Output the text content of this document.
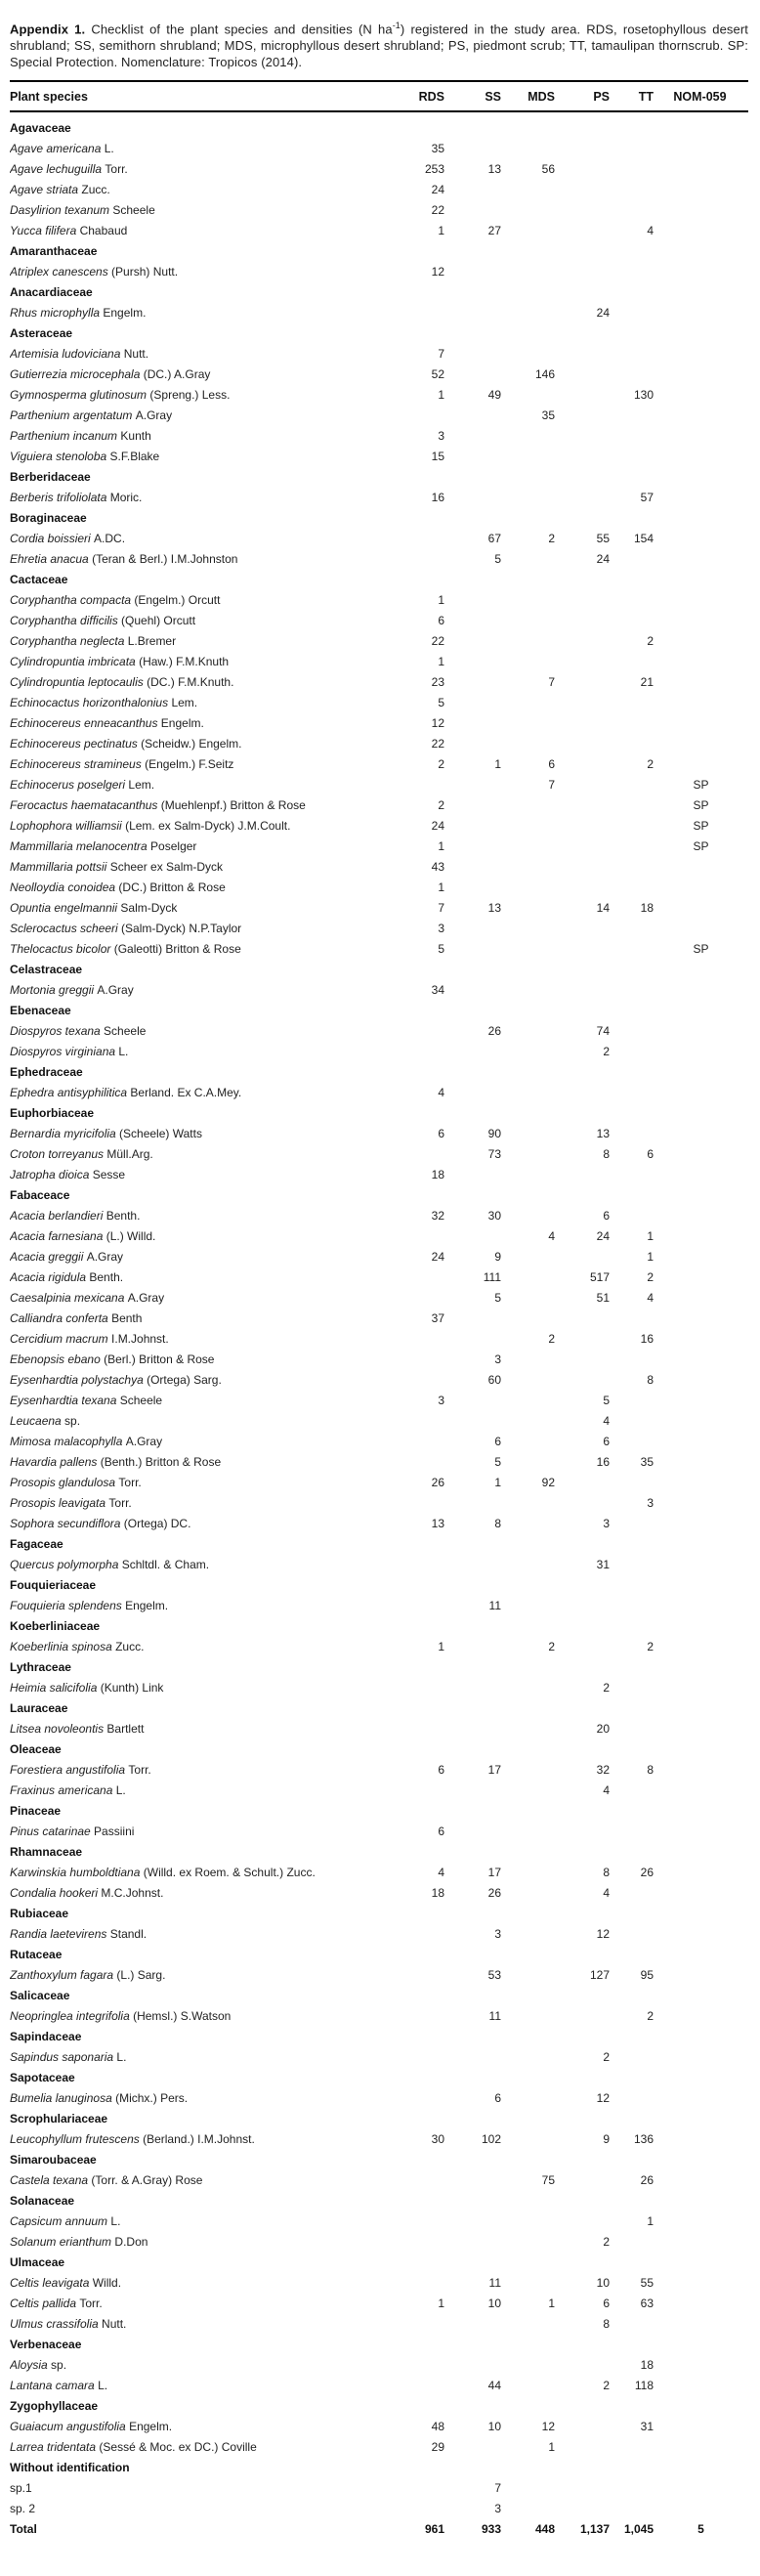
Appendix 1. Checklist of the plant species and densities (N $ha^{-1}$) registered in the study area. RDS, rosetophyllous desert shrubland; SS, semithorn shrubland; MDS, microphyllous desert shrubland; PS, piedmont scrub; TT, tamaulipan thornscrub. SP: Special Protection. Nomenclature: Tropicos (2014).

Plant species	RDS	SS	MDS	PS	TT	NOM-059
Agavaceae						
Agave americana L.	35					
Agave lechuguilla Torr.	253	13	56			
Agave striata Zucc.	24					
Dasylirion texanum Scheele	22					
Yucca filifera Chabaud	1	27			4	
Amaranthaceae						
Atriplex canescens (Pursh) Nutt.	12					
Anacardiaceae						
Rhus microphylla Engelm.				24		
Asteraceae						
Artemisia ludoviciana Nutt.	7					
Gutierrezia microcephala (DC.) A.Gray	52		146			
Gymnosperma glutinosum (Spreng.) Less.	1	49			130	
Parthenium argentatum A.Gray			35			
Parthenium incanum Kunth	3					
Viguiera stenoloba S.F.Blake	15					
Berberidaceae						
Berberis trifoliolata Moric.	16				57	
Boraginaceae						
Cordia boissieri A.DC.		67	2	55	154	
Ehretia anacua (Teran & Berl.) I.M.Johnston		5		24		
Cactaceae						
Coryphantha compacta (Engelm.) Orcutt	1					
Coryphantha difficilis (Quehl) Orcutt	6					
Coryphantha neglecta L.Bremer	22				2	
Cylindropuntia imbricata (Haw.) F.M.Knuth	1					
Cylindropuntia leptocaulis (DC.) F.M.Knuth.	23		7		21	
Echinocactus horizonthalonius Lem.	5					
Echinocereus enneacanthus Engelm.	12					
Echinocereus pectinatus (Scheidw.) Engelm.	22					
Echinocereus stramineus (Engelm.) F.Seitz	2	1	6		2	
Echinocerus poselgeri Lem.			7			SP
Ferocactus haematacanthus (Muehlenpf.) Britton & Rose	2					SP
Lophophora williamsii (Lem. ex Salm-Dyck) J.M.Coult.	24					SP
Mammillaria melanocentra Poselger	1					SP
Mammillaria pottsii Scheer ex Salm-Dyck	43					
Neolloydia conoidea (DC.) Britton & Rose	1					
Opuntia engelmannii Salm-Dyck	7	13		14	18	
Sclerocactus scheeri (Salm-Dyck) N.P.Taylor	3					
Thelocactus bicolor (Galeotti) Britton & Rose	5					SP
Celastraceae						
Mortonia greggii A.Gray	34					
Ebenaceae						
Diospyros texana Scheele		26		74		
Diospyros virginiana L.				2		
Ephedraceae						
Ephedra antisyphilitica Berland. Ex C.A.Mey.	4					
Euphorbiaceae						
Bernardia myricifolia (Scheele) Watts	6	90		13		
Croton torreyanus Müll.Arg.		73		8	6	
Jatropha dioica Sesse	18					
Fabaceace						
Acacia berlandieri Benth.	32	30		6		
Acacia farnesiana (L.) Willd.			4	24	1	
Acacia greggii A.Gray	24	9			1	
Acacia rigidula Benth.		111		517	2	
Caesalpinia mexicana A.Gray		5		51	4	
Calliandra conferta Benth	37					
Cercidium macrum I.M.Johnst.			2		16	
Ebenopsis ebano (Berl.) Britton & Rose		3				
Eysenhardtia polystachya (Ortega) Sarg.		60			8	
Eysenhardtia texana Scheele	3			5		
Leucaena sp.				4		
Mimosa malacophylla A.Gray		6		6		
Havardia pallens (Benth.) Britton & Rose		5		16	35	
Prosopis glandulosa Torr.	26	1	92			
Prosopis leavigata Torr.					3	
Sophora secundiflora (Ortega) DC.	13	8		3		
Fagaceae						
Quercus polymorpha Schltdl. & Cham.				31		
Fouquieriaceae						
Fouquieria splendens Engelm.		11				
Koeberliniaceae						
Koeberlinia spinosa Zucc.	1		2		2	
Lythraceae						
Heimia salicifolia (Kunth) Link				2		
Lauraceae						
Litsea novoleontis Bartlett				20		
Oleaceae						
Forestiera angustifolia Torr.	6	17		32	8	
Fraxinus americana L.				4		
Pinaceae						
Pinus catarinae Passiini	6					
Rhamnaceae						
Karwinskia humboldtiana (Willd. ex Roem. & Schult.) Zucc.	4	17		8	26	
Condalia hookeri M.C.Johnst.	18	26		4		
Rubiaceae						
Randia laetevirens Standl.		3		12		
Rutaceae						
Zanthoxylum fagara (L.) Sarg.		53		127	95	
Salicaceae						
Neopringlea integrifolia (Hemsl.) S.Watson		11			2	
Sapindaceae						
Sapindus saponaria L.				2		
Sapotaceae						
Bumelia lanuginosa (Michx.) Pers.		6		12		
Scrophulariaceae						
Leucophyllum frutescens (Berland.) I.M.Johnst.	30	102		9	136	
Simaroubaceae						
Castela texana (Torr. & A.Gray) Rose			75		26	
Solanaceae						
Capsicum annuum L.					1	
Solanum erianthum D.Don				2		
Ulmaceae						
Celtis leavigata Willd.		11		10	55	
Celtis pallida Torr.	1	10	1	6	63	
Ulmus crassifolia Nutt.				8		
Verbenaceae						
Aloysia sp.					18	
Lantana camara L.		44		2	118	
Zygophyllaceae						
Guaiacum angustifolia Engelm.	48	10	12		31	
Larrea tridentata (Sessé & Moc. ex DC.) Coville	29		1			
Without identification						
sp.1		7				
sp. 2		3				
Total	961	933	448	1,137	1,045	5
